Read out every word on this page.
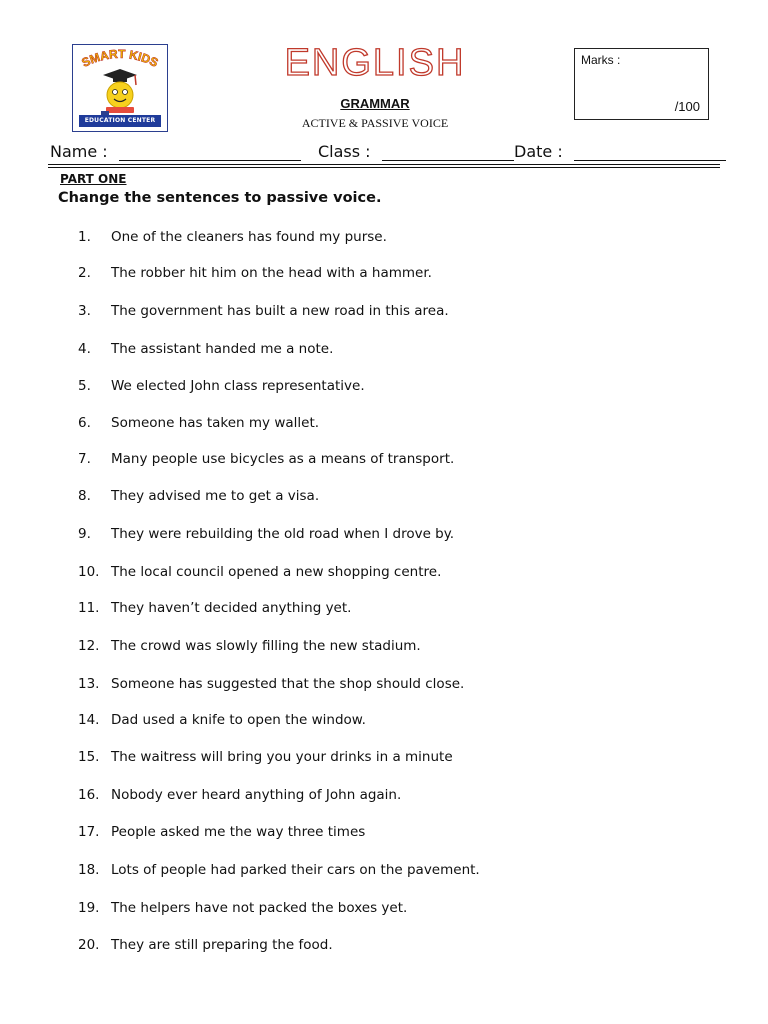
SMART KIDS
EDUCATION CENTER
ENGLISH
GRAMMAR
ACTIVE & PASSIVE VOICE
Marks :
/100
Name :	Class :	Date :
PART ONE
Change the sentences to passive voice.
1. One of the cleaners has found my purse.
2. The robber hit him on the head with a hammer.
3. The government has built a new road in this area.
4. The assistant handed me a note.
5. We elected John class representative.
6. Someone has taken my wallet.
7. Many people use bicycles as a means of transport.
8. They advised me to get a visa.
9. They were rebuilding the old road when I drove by.
10. The local council opened a new shopping centre.
11. They haven’t decided anything yet.
12. The crowd was slowly filling the new stadium.
13. Someone has suggested that the shop should close.
14. Dad used a knife to open the window.
15. The waitress will bring you your drinks in a minute
16. Nobody ever heard anything of John again.
17. People asked me the way three times
18. Lots of people had parked their cars on the pavement.
19. The helpers have not packed the boxes yet.
20. They are still preparing the food.
